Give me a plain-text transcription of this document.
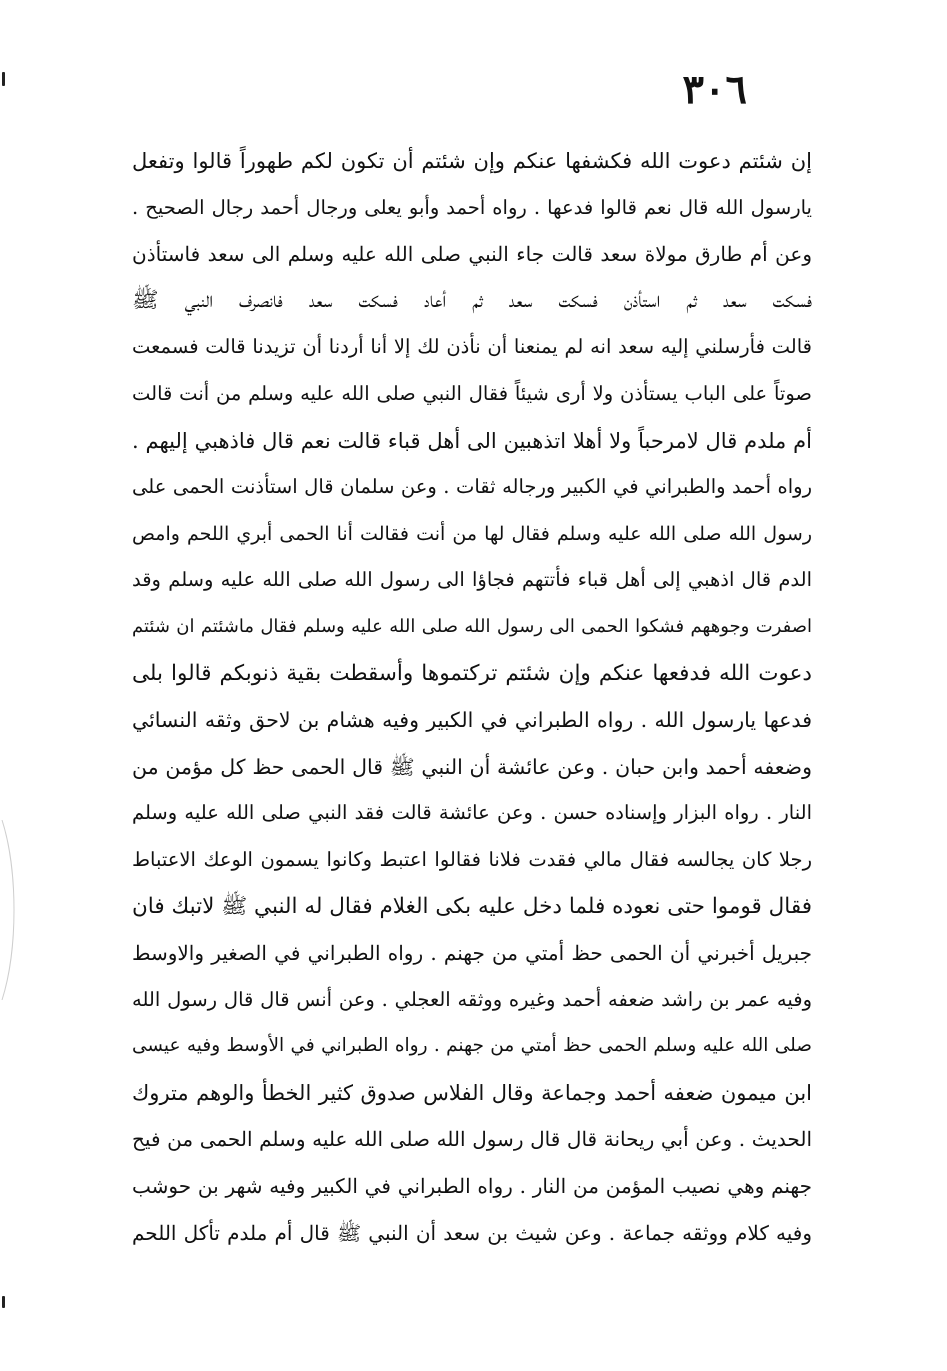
٣٠٦
إن شئتم دعوت الله فكشفها عنكم وإن شئتم أن تكون لكم طهوراً قالوا وتفعل
يارسول الله قال نعم قالوا فدعها . رواه أحمد وأبو يعلى ورجال أحمد رجال الصحيح .
وعن أم طارق مولاة سعد قالت جاء النبي صلى الله عليه وسلم الى سعد فاستأذن
فسكت سعد ثم استأذن فسكت سعد ثم أعاد فسكت سعد فانصرف النبي ﷺ
قالت فأرسلني إليه سعد انه لم يمنعنا أن نأذن لك إلا أنا أردنا أن تزيدنا قالت فسمعت
صوتاً على الباب يستأذن ولا أرى شيئاً فقال النبي صلى الله عليه وسلم من أنت قالت
أم ملدم قال لامرحباً ولا أهلا اتذهبين الى أهل قباء قالت نعم قال فاذهبي إليهم .
رواه أحمد والطبراني في الكبير ورجاله ثقات . وعن سلمان قال استأذنت الحمى على
رسول الله صلى الله عليه وسلم فقال لها من أنت فقالت أنا الحمى أبري اللحم وامص
الدم قال اذهبي إلى أهل قباء فأتتهم فجاؤا الى رسول الله صلى الله عليه وسلم وقد
اصفرت وجوههم فشكوا الحمى الى رسول الله صلى الله عليه وسلم فقال ماشئتم ان شئتم
دعوت الله فدفعها عنكم وإن شئتم تركتموها وأسقطت بقية ذنوبكم قالوا بلى
فدعها يارسول الله . رواه الطبراني في الكبير وفيه هشام بن لاحق وثقه النسائي
وضعفه أحمد وابن حبان . وعن عائشة أن النبي ﷺ قال الحمى حظ كل مؤمن من
النار . رواه البزار وإسناده حسن . وعن عائشة قالت فقد النبي صلى الله عليه وسلم
رجلا كان يجالسه فقال مالي فقدت فلانا فقالوا اعتبط وكانوا يسمون الوعك الاعتباط
فقال قوموا حتى نعوده فلما دخل عليه بكى الغلام فقال له النبي ﷺ لاتبك فان
جبريل أخبرني أن الحمى حظ أمتي من جهنم . رواه الطبراني في الصغير والاوسط
وفيه عمر بن راشد ضعفه أحمد وغيره ووثقه العجلي . وعن أنس قال قال رسول الله
صلى الله عليه وسلم الحمى حظ أمتي من جهنم . رواه الطبراني في الأوسط وفيه عيسى
ابن ميمون ضعفه أحمد وجماعة وقال الفلاس صدوق كثير الخطأ والوهم متروك
الحديث . وعن أبي ريحانة قال قال رسول الله صلى الله عليه وسلم الحمى من فيح
جهنم وهي نصيب المؤمن من النار . رواه الطبراني في الكبير وفيه شهر بن حوشب
وفيه كلام ووثقه جماعة . وعن شيث بن سعد أن النبي ﷺ قال أم ملدم تأكل اللحم
